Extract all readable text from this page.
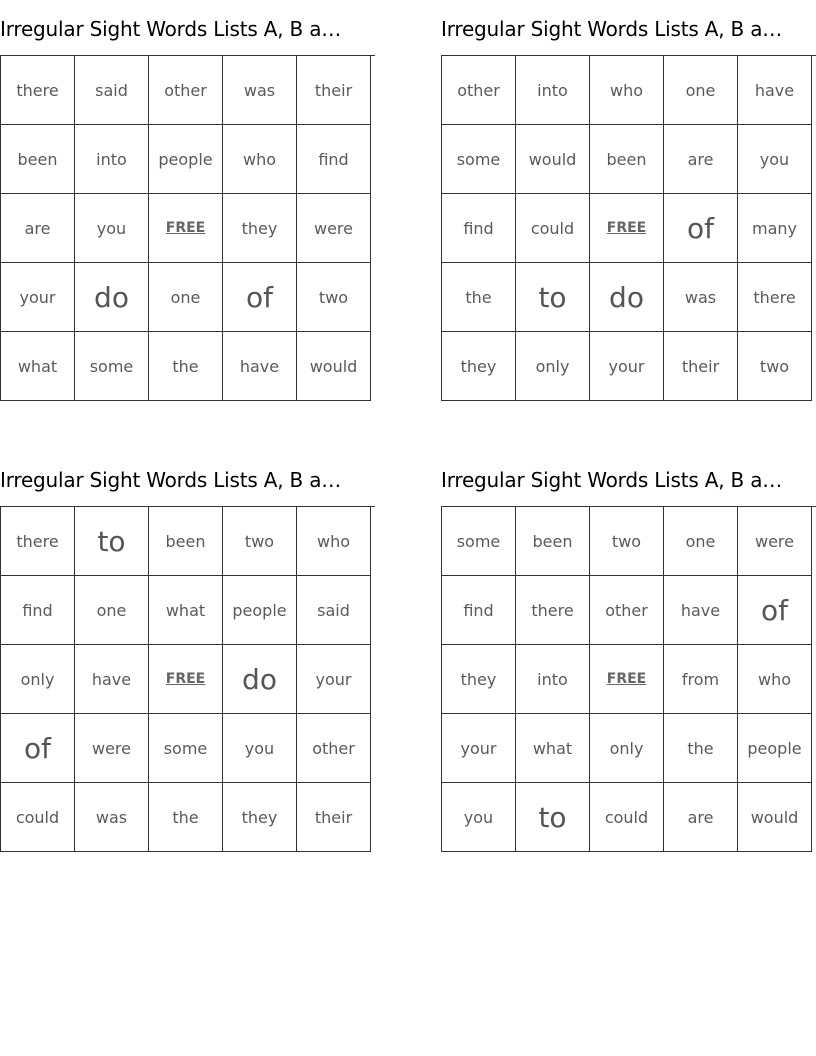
Irregular Sight Words Lists A, B a…
there	said	other	was	their
been	into	people	who	find
are	you	FREE	they	were
your	do	one	of	two
what	some	the	have	would
Irregular Sight Words Lists A, B a…
other	into	who	one	have
some	would	been	are	you
find	could	FREE	of	many
the	to	do	was	there
they	only	your	their	two
Irregular Sight Words Lists A, B a…
there	to	been	two	who
find	one	what	people	said
only	have	FREE	do	your
of	were	some	you	other
could	was	the	they	their
Irregular Sight Words Lists A, B a…
some	been	two	one	were
find	there	other	have	of
they	into	FREE	from	who
your	what	only	the	people
you	to	could	are	would
